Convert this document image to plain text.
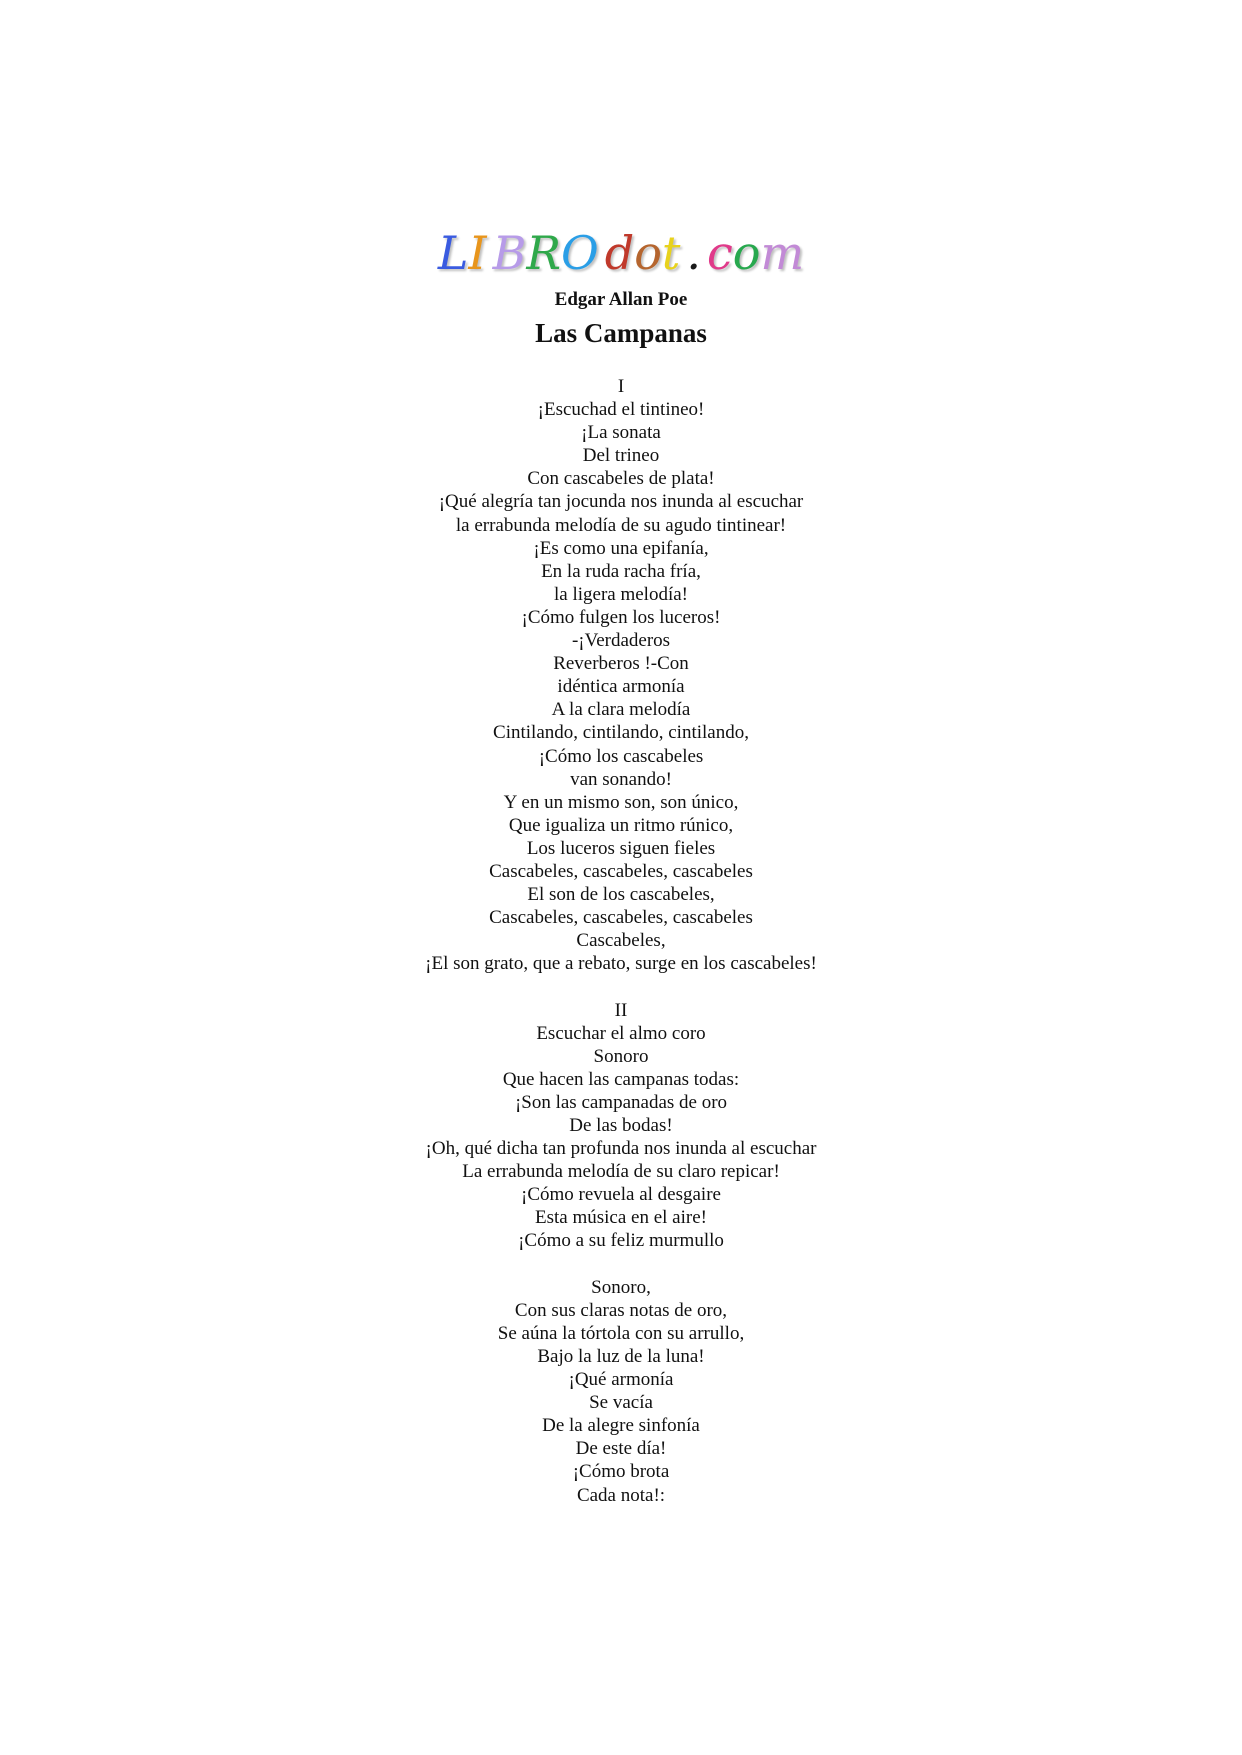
LI BRO dot . com
Edgar Allan Poe
Las Campanas
I
¡Escuchad el tintineo!
¡La sonata
Del trineo
Con cascabeles de plata!
¡Qué alegría tan jocunda nos inunda al escuchar
la errabunda melodía de su agudo tintinear!
¡Es como una epifanía,
En la ruda racha fría,
la ligera melodía!
¡Cómo fulgen los luceros!
-¡Verdaderos
Reverberos !-Con
idéntica armonía
A la clara melodía
Cintilando, cintilando, cintilando,
¡Cómo los cascabeles
van sonando!
Y en un mismo son, son único,
Que igualiza un ritmo rúnico,
Los luceros siguen fieles
Cascabeles, cascabeles, cascabeles
El son de los cascabeles,
Cascabeles, cascabeles, cascabeles
Cascabeles,
¡El son grato, que a rebato, surge en los cascabeles!
II
Escuchar el almo coro
Sonoro
Que hacen las campanas todas:
¡Son las campanadas de oro
De las bodas!
¡Oh, qué dicha tan profunda nos inunda al escuchar
La errabunda melodía de su claro repicar!
¡Cómo revuela al desgaire
Esta música en el aire!
¡Cómo a su feliz murmullo
Sonoro,
Con sus claras notas de oro,
Se aúna la tórtola con su arrullo,
Bajo la luz de la luna!
¡Qué armonía
Se vacía
De la alegre sinfonía
De este día!
¡Cómo brota
Cada nota!:
